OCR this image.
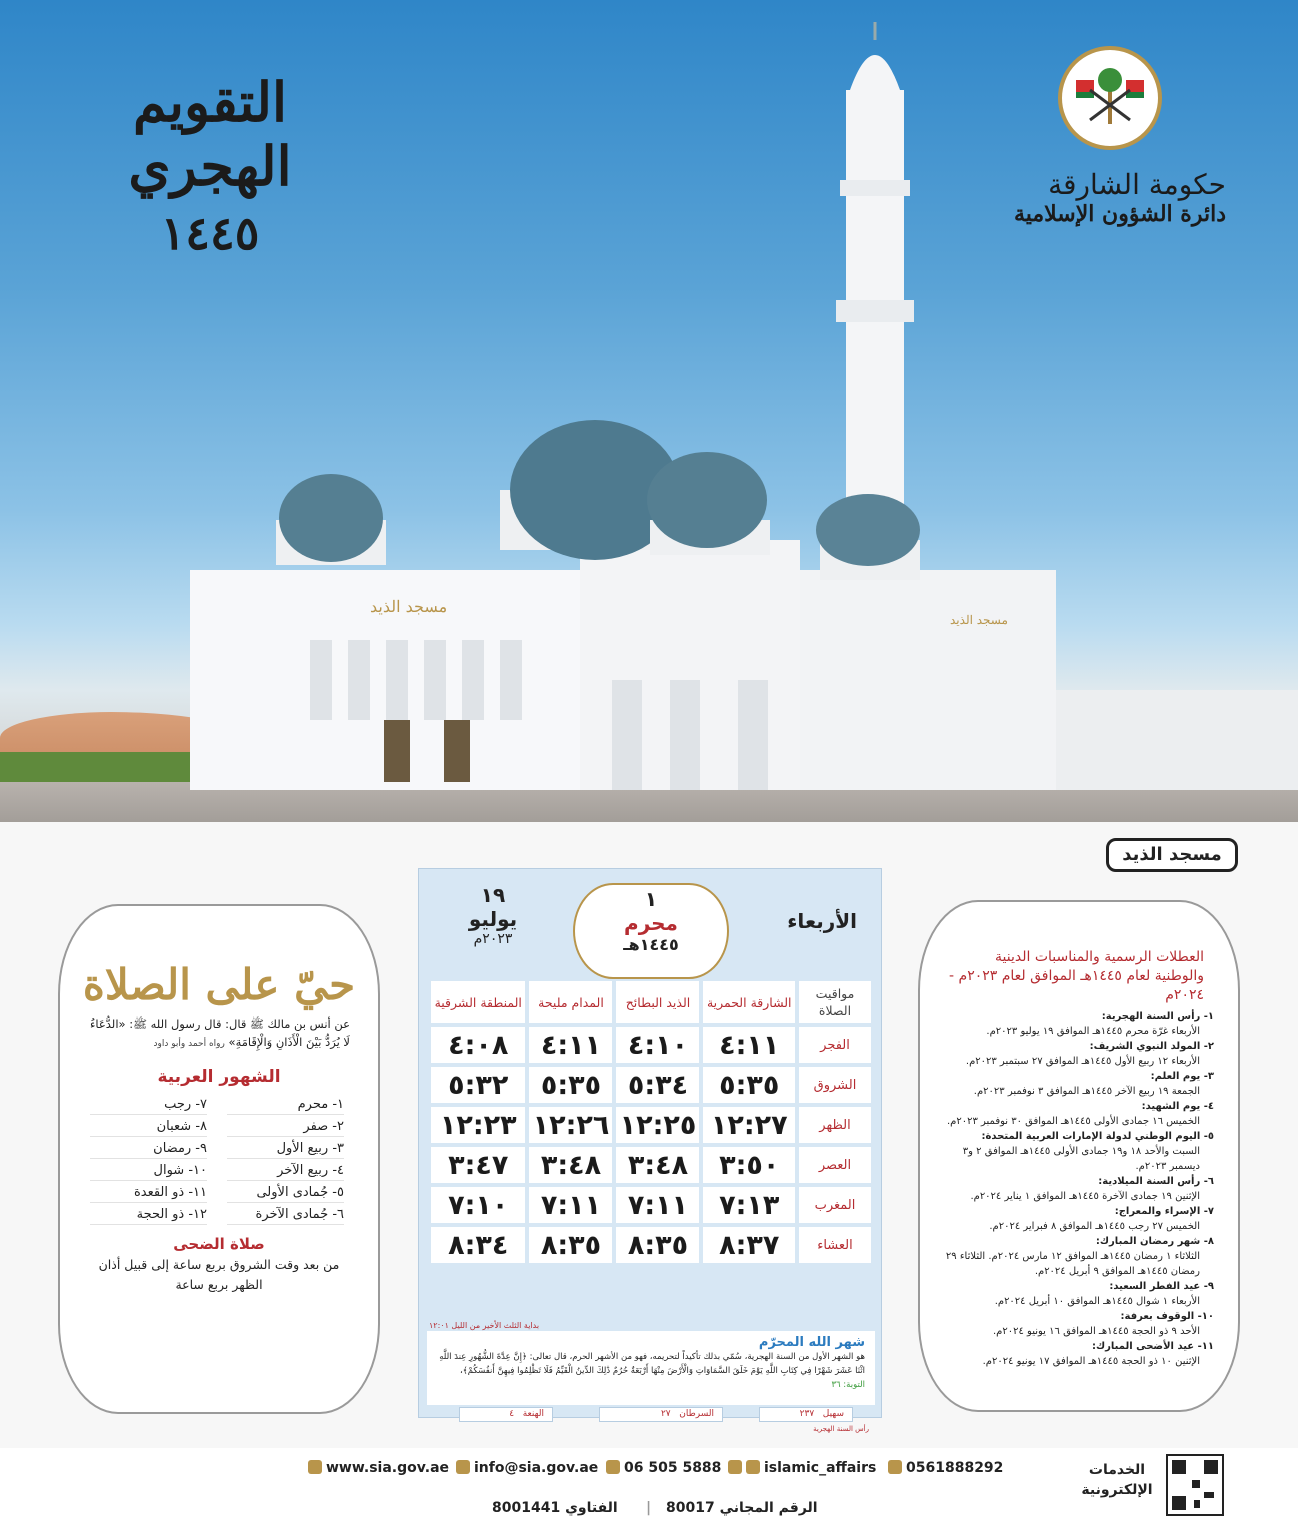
مسجد الذيد
مسجد الذيد
التقويم الهجري
١٤٤٥
حكومة الشارقة
دائرة الشؤون الإسلامية
مسجد الذيد
حيّ على الصلاة
عن أنس بن مالك ﷺ قال: قال رسول الله ﷺ: «الدُّعَاءُ لَا يُرَدُّ بَيْنَ الْأَذَانِ وَالْإِقَامَةِ» رواه أحمد وأبو داود
الشهور العربية
١- محرم
٧- رجب
٢- صفر
٨- شعبان
٣- ربيع الأول
٩- رمضان
٤- ربيع الآخر
١٠- شوال
٥- جُمادى الأولى
١١- ذو القعدة
٦- جُمادى الآخرة
١٢- ذو الحجة
صلاة الضحى
من بعد وقت الشروق بربع ساعة إلى قبيل أذان الظهر بربع ساعة
١٩
يوليو
٢٠٢٣م
١
محرم
١٤٤٥هـ
الأربعاء
مواقيت الصلاة	الشارقة الحمرية	الذيد البطائح	المدام مليحة	المنطقة الشرقية
الفجر	٤:١١	٤:١٠	٤:١١	٤:٠٨
الشروق	٥:٣٥	٥:٣٤	٥:٣٥	٥:٣٢
الظهر	١٢:٢٧	١٢:٢٥	١٢:٢٦	١٢:٢٣
العصر	٣:٥٠	٣:٤٨	٣:٤٨	٣:٤٧
المغرب	٧:١٣	٧:١١	٧:١١	٧:١٠
العشاء	٨:٣٧	٨:٣٥	٨:٣٥	٨:٣٤
بداية الثلث الأخير من الليل ١٢:٠١
شهر الله المحرّم
هو الشهر الأول من السنة الهجرية، سُمّي بذلك تأكيداً لتحريمه، فهو من الأشهر الحرم، قال تعالى: ﴿إِنَّ عِدَّةَ الشُّهُورِ عِندَ اللَّهِ اثْنَا عَشَرَ شَهْرًا فِي كِتَابِ اللَّهِ يَوْمَ خَلَقَ السَّمَاوَاتِ وَالْأَرْضَ مِنْهَا أَرْبَعَةٌ حُرُمٌ ذَٰلِكَ الدِّينُ الْقَيِّمُ فَلَا تَظْلِمُوا فِيهِنَّ أَنفُسَكُمْ﴾، التوبة: ٣٦
سهيل   ٢٣٧
السرطان   ٢٧
الهنعة   ٤
رأس السنة الهجرية
العطلات الرسمية والمناسبات الدينية والوطنية لعام ١٤٤٥هـ الموافق لعام ٢٠٢٣م - ٢٠٢٤م
١- رأس السنة الهجرية:
الأربعاء غرّة محرم ١٤٤٥هـ الموافق ١٩ يوليو ٢٠٢٣م.
٢- المولد النبوي الشريف:
الأربعاء ١٢ ربيع الأول ١٤٤٥هـ الموافق ٢٧ سبتمبر ٢٠٢٣م.
٣- يوم العلم:
الجمعة ١٩ ربيع الآخر ١٤٤٥هـ الموافق ٣ نوفمبر ٢٠٢٣م.
٤- يوم الشهيد:
الخميس ١٦ جمادى الأولى ١٤٤٥هـ الموافق ٣٠ نوفمبر ٢٠٢٣م.
٥- اليوم الوطني لدولة الإمارات العربية المتحدة:
السبت والأحد ١٨ و١٩ جمادى الأولى ١٤٤٥هـ الموافق ٢ و٣ ديسمبر ٢٠٢٣م.
٦- رأس السنة الميلادية:
الإثنين ١٩ جمادى الآخرة ١٤٤٥هـ الموافق ١ يناير ٢٠٢٤م.
٧- الإسراء والمعراج:
الخميس ٢٧ رجب ١٤٤٥هـ الموافق ٨ فبراير ٢٠٢٤م.
٨- شهر رمضان المبارك:
الثلاثاء ١ رمضان ١٤٤٥هـ الموافق ١٢ مارس ٢٠٢٤م. الثلاثاء ٢٩ رمضان ١٤٤٥هـ الموافق ٩ أبريل ٢٠٢٤م.
٩- عيد الفطر السعيد:
الأربعاء ١ شوال ١٤٤٥هـ الموافق ١٠ أبريل ٢٠٢٤م.
١٠- الوقوف بعرفة:
الأحد ٩ ذو الحجة ١٤٤٥هـ الموافق ١٦ يونيو ٢٠٢٤م.
١١- عيد الأضحى المبارك:
الإثنين ١٠ ذو الحجة ١٤٤٥هـ الموافق ١٧ يونيو ٢٠٢٤م.
www.sia.gov.ae	info@sia.gov.ae	06 505 5888	islamic_affairs	0561888292
الرقم المجاني 80017
|
الفتاوي 8001441
الخدمات الإلكترونية
